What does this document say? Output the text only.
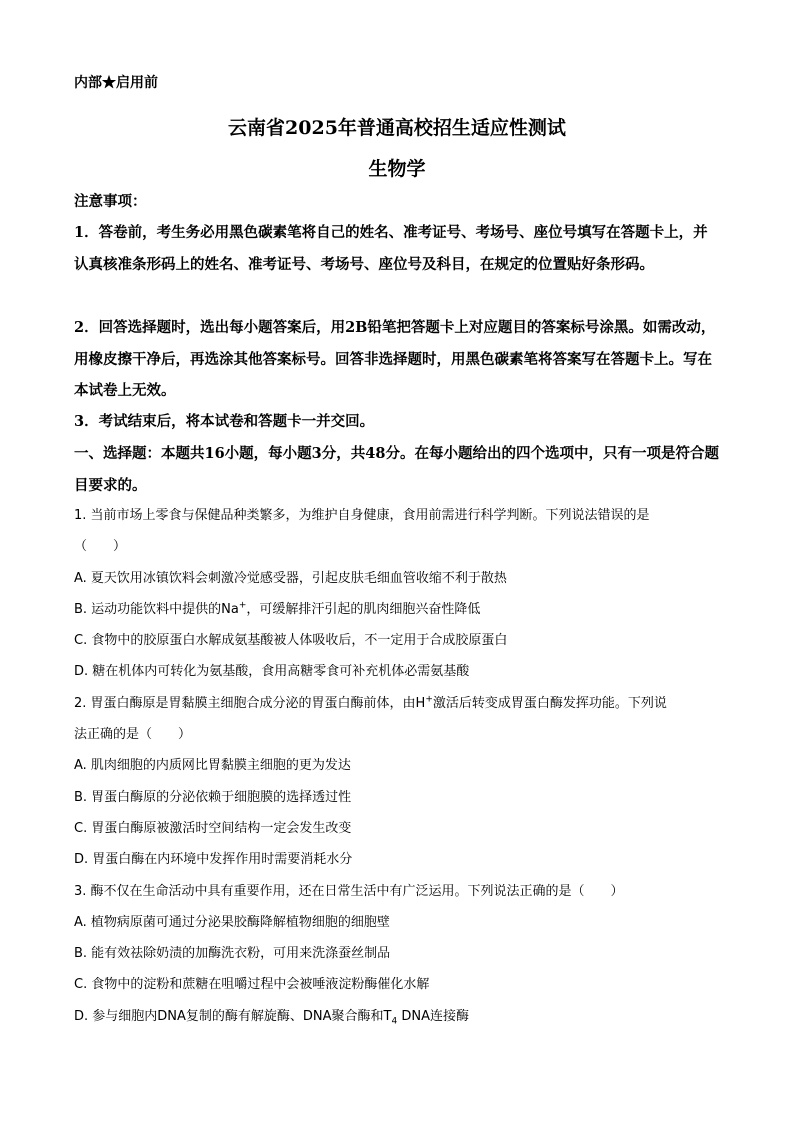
内部★启用前
云南省2025年普通高校招生适应性测试
生物学
注意事项：
1．答卷前，考生务必用黑色碳素笔将自己的姓名、准考证号、考场号、座位号填写在答题卡上，并认真核准条形码上的姓名、准考证号、考场号、座位号及科目，在规定的位置贴好条形码。
2．回答选择题时，选出每小题答案后，用2B铅笔把答题卡上对应题目的答案标号涂黑。如需改动，用橡皮擦干净后，再选涂其他答案标号。回答非选择题时，用黑色碳素笔将答案写在答题卡上。写在本试卷上无效。
3．考试结束后，将本试卷和答题卡一并交回。
一、选择题：本题共16小题，每小题3分，共48分。在每小题给出的四个选项中，只有一项是符合题目要求的。

1. 当前市场上零食与保健品种类繁多，为维护自身健康，食用前需进行科学判断。下列说法错误的是

（　　）

A. 夏天饮用冰镇饮料会刺激冷觉感受器，引起皮肤毛细血管收缩不利于散热

B. 运动功能饮料中提供的Na+，可缓解排汗引起的肌肉细胞兴奋性降低

C. 食物中的胶原蛋白水解成氨基酸被人体吸收后，不一定用于合成胶原蛋白

D. 糖在机体内可转化为氨基酸，食用高糖零食可补充机体必需氨基酸

2. 胃蛋白酶原是胃黏膜主细胞合成分泌的胃蛋白酶前体，由H+激活后转变成胃蛋白酶发挥功能。下列说

法正确的是（　　）

A. 肌肉细胞的内质网比胃黏膜主细胞的更为发达

B. 胃蛋白酶原的分泌依赖于细胞膜的选择透过性

C. 胃蛋白酶原被激活时空间结构一定会发生改变

D. 胃蛋白酶在内环境中发挥作用时需要消耗水分

3. 酶不仅在生命活动中具有重要作用，还在日常生活中有广泛运用。下列说法正确的是（　　）

A. 植物病原菌可通过分泌果胶酶降解植物细胞的细胞壁

B. 能有效祛除奶渍的加酶洗衣粉，可用来洗涤蚕丝制品

C. 食物中的淀粉和蔗糖在咀嚼过程中会被唾液淀粉酶催化水解

D. 参与细胞内DNA复制的酶有解旋酶、DNA聚合酶和$T_4$ DNA连接酶
